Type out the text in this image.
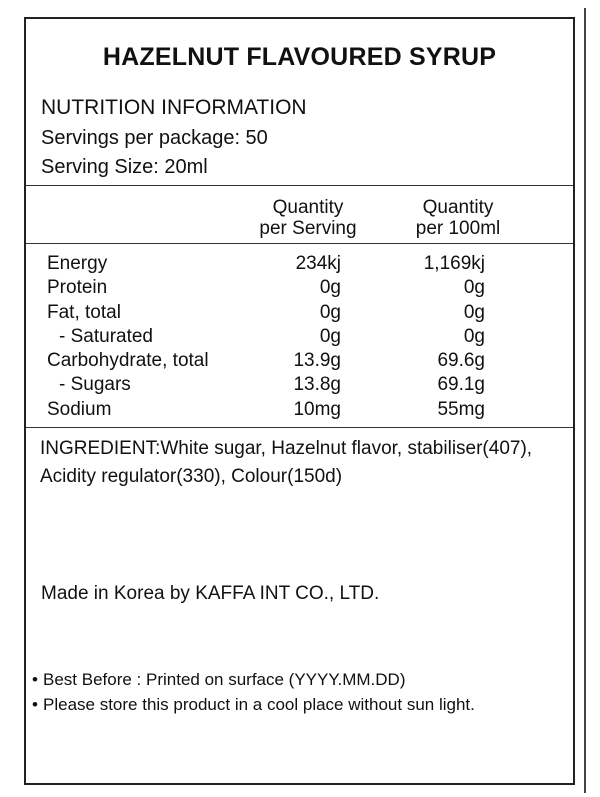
HAZELNUT FLAVOURED SYRUP
NUTRITION INFORMATION
Servings per package: 50
Serving Size: 20ml
Quantity
per Serving
Quantity
per 100ml
Energy	234kj	1,169kj
Protein	0g	0g
Fat, total	0g	0g
- Saturated	0g	0g
Carbohydrate, total	13.9g	69.6g
- Sugars	13.8g	69.1g
Sodium	10mg	55mg
INGREDIENT:White sugar, Hazelnut flavor, stabiliser(407), Acidity regulator(330), Colour(150d)
Made in Korea by KAFFA INT CO., LTD.
• Best Before : Printed on surface (YYYY.MM.DD)
• Please store this product in a cool place without sun light.
